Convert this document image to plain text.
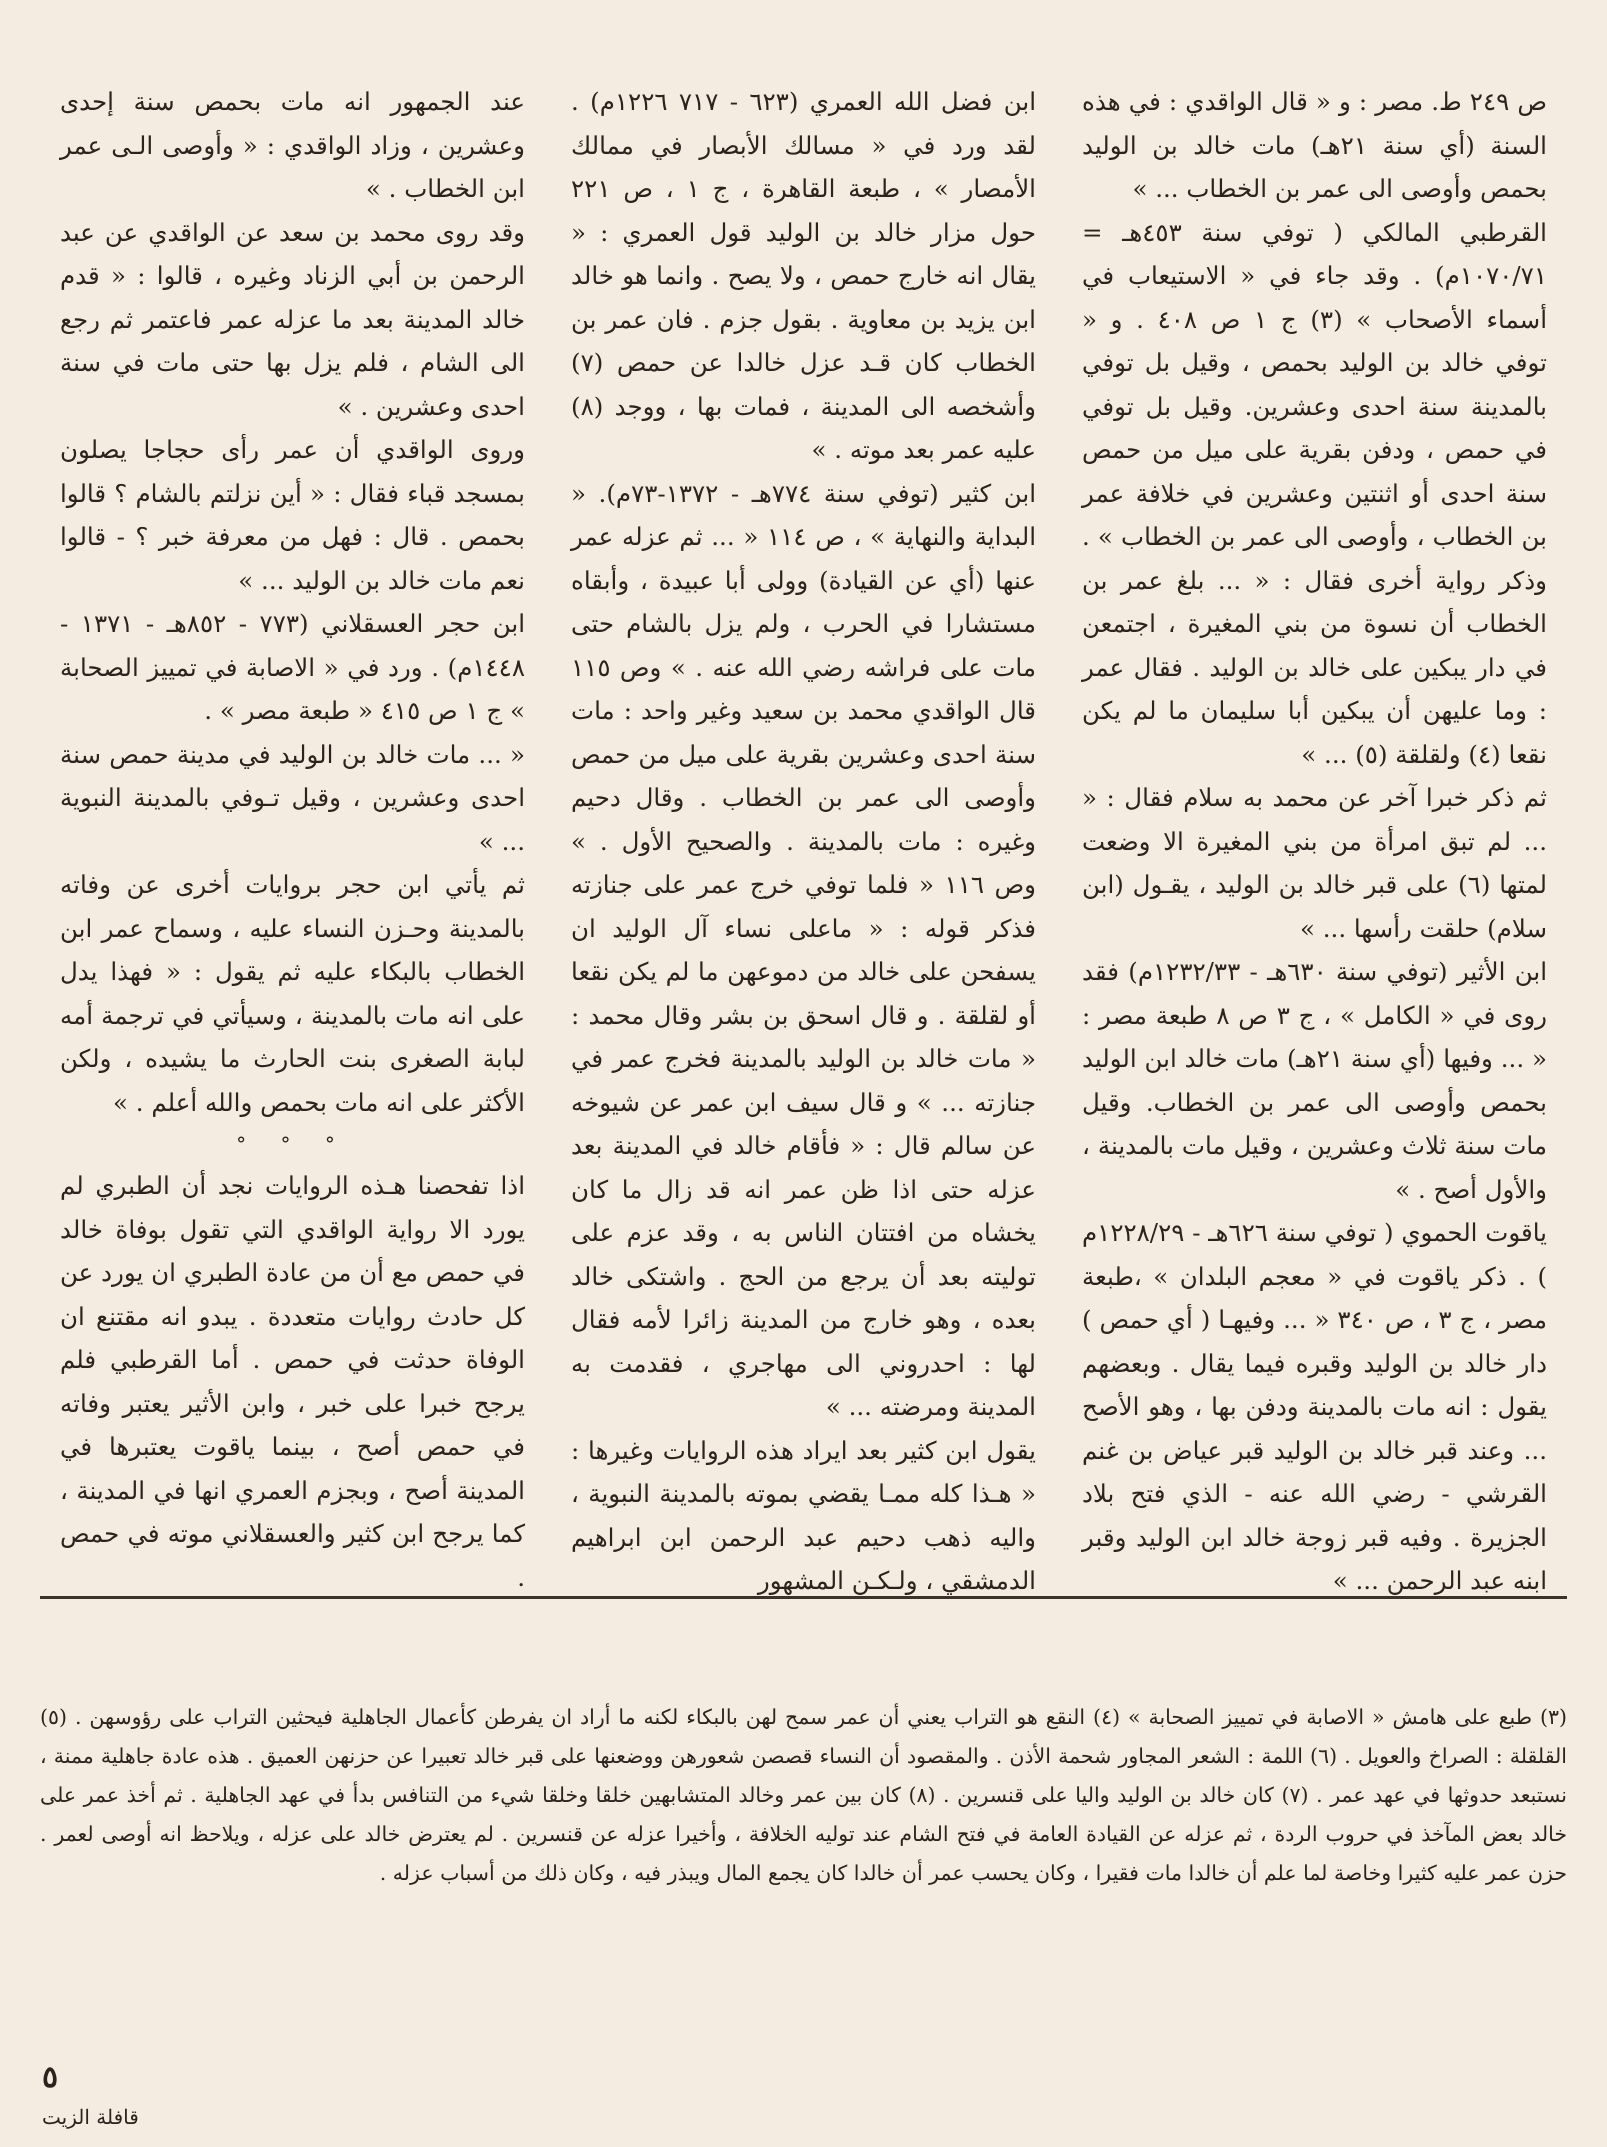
ص ٢٤٩ ط. مصر : و « قال الواقدي : في هذه السنة (أي سنة ٢١هـ) مات خالد بن الوليد بحمص وأوصى الى عمر بن الخطاب ... »

القرطبي المالكي ( توفي سنة ٤٥٣هـ = ١٠٧٠/٧١م) . وقد جاء في « الاستيعاب في أسماء الأصحاب » (٣) ج ١ ص ٤٠٨ . و « توفي خالد بن الوليد بحمص ، وقيل بل توفي بالمدينة سنة احدى وعشرين. وقيل بل توفي في حمص ، ودفن بقرية على ميل من حمص سنة احدى أو اثنتين وعشرين في خلافة عمر بن الخطاب ، وأوصى الى عمر بن الخطاب » . وذكر رواية أخرى فقال : « ... بلغ عمر بن الخطاب أن نسوة من بني المغيرة ، اجتمعن في دار يبكين على خالد بن الوليد . فقال عمر : وما عليهن أن يبكين أبا سليمان ما لم يكن نقعا (٤) ولقلقة (٥) ... »

ثم ذكر خبرا آخر عن محمد به سلام فقال : « ... لم تبق امرأة من بني المغيرة الا وضعت لمتها (٦) على قبر خالد بن الوليد ، يقـول (ابن سلام) حلقت رأسها ... »

ابن الأثير (توفي سنة ٦٣٠هـ - ١٢٣٢/٣٣م) فقد روى في « الكامل » ، ج ٣ ص ٨ طبعة مصر : « ... وفيها (أي سنة ٢١هـ) مات خالد ابن الوليد بحمص وأوصى الى عمر بن الخطاب. وقيل مات سنة ثلاث وعشرين ، وقيل مات بالمدينة ، والأول أصح . »

ياقوت الحموي ( توفي سنة ٦٢٦هـ - ١٢٢٨/٢٩م ) . ذكر ياقوت في « معجم البلدان » ،طبعة مصر ، ج ٣ ، ص ٣٤٠ « ... وفيهـا ( أي حمص ) دار خالد بن الوليد وقبره فيما يقال . وبعضهم يقول : انه مات بالمدينة ودفن بها ، وهو الأصح ... وعند قبر خالد بن الوليد قبر عياض بن غنم القرشي - رضي الله عنه - الذي فتح بلاد الجزيرة . وفيه قبر زوجة خالد ابن الوليد وقبر ابنه عبد الرحمن ... »

ابن فضل الله العمري (٦٢٣ - ٧١٧ ١٢٢٦م) . لقد ورد في « مسالك الأبصار في ممالك الأمصار » ، طبعة القاهرة ، ج ١ ، ص ٢٢١ حول مزار خالد بن الوليد قول العمري : « يقال انه خارج حمص ، ولا يصح . وانما هو خالد ابن يزيد بن معاوية . بقول جزم . فان عمر بن الخطاب كان قـد عزل خالدا عن حمص (٧) وأشخصه الى المدينة ، فمات بها ، ووجد (٨) عليه عمر بعد موته . »

ابن كثير (توفي سنة ٧٧٤هـ - ١٣٧٢-٧٣م). « البداية والنهاية » ، ص ١١٤ « ... ثم عزله عمر عنها (أي عن القيادة) وولى أبا عبيدة ، وأبقاه مستشارا في الحرب ، ولم يزل بالشام حتى مات على فراشه رضي الله عنه . » وص ١١٥ قال الواقدي محمد بن سعيد وغير واحد : مات سنة احدى وعشرين بقرية على ميل من حمص وأوصى الى عمر بن الخطاب . وقال دحيم وغيره : مات بالمدينة . والصحيح الأول . » وص ١١٦ « فلما توفي خرج عمر على جنازته فذكر قوله : « ماعلى نساء آل الوليد ان يسفحن على خالد من دموعهن ما لم يكن نقعا أو لقلقة . و قال اسحق بن بشر وقال محمد : « مات خالد بن الوليد بالمدينة فخرج عمر في جنازته ... » و قال سيف ابن عمر عن شيوخه عن سالم قال : « فأقام خالد في المدينة بعد عزله حتى اذا ظن عمر انه قد زال ما كان يخشاه من افتتان الناس به ، وقد عزم على توليته بعد أن يرجع من الحج . واشتكى خالد بعده ، وهو خارج من المدينة زائرا لأمه فقال لها : احدروني الى مهاجري ، فقدمت به المدينة ومرضته ... »

يقول ابن كثير بعد ايراد هذه الروايات وغيرها : « هـذا كله ممـا يقضي بموته بالمدينة النبوية ، واليه ذهب دحيم عبد الرحمن ابن ابراهيم الدمشقي ، ولـكـن المشهور

عند الجمهور انه مات بحمص سنة إحدى وعشرين ، وزاد الواقدي : « وأوصى الـى عمر ابن الخطاب . »

وقد روى محمد بن سعد عن الواقدي عن عبد الرحمن بن أبي الزناد وغيره ، قالوا : « قدم خالد المدينة بعد ما عزله عمر فاعتمر ثم رجع الى الشام ، فلم يزل بها حتى مات في سنة احدى وعشرين . »

وروى الواقدي أن عمر رأى حجاجا يصلون بمسجد قباء فقال : « أين نزلتم بالشام ؟ قالوا بحمص . قال : فهل من معرفة خبر ؟ - قالوا نعم مات خالد بن الوليد ... »

ابن حجر العسقلاني (٧٧٣ - ٨٥٢هـ - ١٣٧١ - ١٤٤٨م) . ورد في « الاصابة في تمييز الصحابة » ج ١ ص ٤١٥ « طبعة مصر » .

« ... مات خالد بن الوليد في مدينة حمص سنة احدى وعشرين ، وقيل تـوفي بالمدينة النبوية ... »

ثم يأتي ابن حجر بروايات أخرى عن وفاته بالمدينة وحـزن النساء عليه ، وسماح عمر ابن الخطاب بالبكاء عليه ثم يقول : « فهذا يدل على انه مات بالمدينة ، وسيأتي في ترجمة أمه لبابة الصغرى بنت الحارث ما يشيده ، ولكن الأكثر على انه مات بحمص والله أعلم . »

° ° °

اذا تفحصنا هـذه الروايات نجد أن الطبري لم يورد الا رواية الواقدي التي تقول بوفاة خالد في حمص مع أن من عادة الطبري ان يورد عن كل حادث روايات متعددة . يبدو انه مقتنع ان الوفاة حدثت في حمص . أما القرطبي فلم يرجح خبرا على خبر ، وابن الأثير يعتبر وفاته في حمص أصح ، بينما ياقوت يعتبرها في المدينة أصح ، وبجزم العمري انها في المدينة ، كما يرجح ابن كثير والعسقلاني موته في حمص .

(٣) طبع على هامش « الاصابة في تمييز الصحابة » (٤) النقع هو التراب يعني أن عمر سمح لهن بالبكاء لكنه ما أراد ان يفرطن كأعمال الجاهلية فيحثين التراب على رؤوسهن . (٥) القلقلة : الصراخ والعويل . (٦) اللمة : الشعر المجاور شحمة الأذن . والمقصود أن النساء قصصن شعورهن ووضعنها على قبر خالد تعبيرا عن حزنهن العميق . هذه عادة جاهلية ممنة ، نستبعد حدوثها في عهد عمر . (٧) كان خالد بن الوليد واليا على قنسرين . (٨) كان بين عمر وخالد المتشابهين خلقا وخلقا شيء من التنافس بدأ في عهد الجاهلية . ثم أخذ عمر على خالد بعض المآخذ في حروب الردة ، ثم عزله عن القيادة العامة في فتح الشام عند توليه الخلافة ، وأخيرا عزله عن قنسرين . لم يعترض خالد على عزله ، ويلاحظ انه أوصى لعمر . حزن عمر عليه كثيرا وخاصة لما علم أن خالدا مات فقيرا ، وكان يحسب عمر أن خالدا كان يجمع المال ويبذر فيه ، وكان ذلك من أسباب عزله .

٥
قافلة الزيت
